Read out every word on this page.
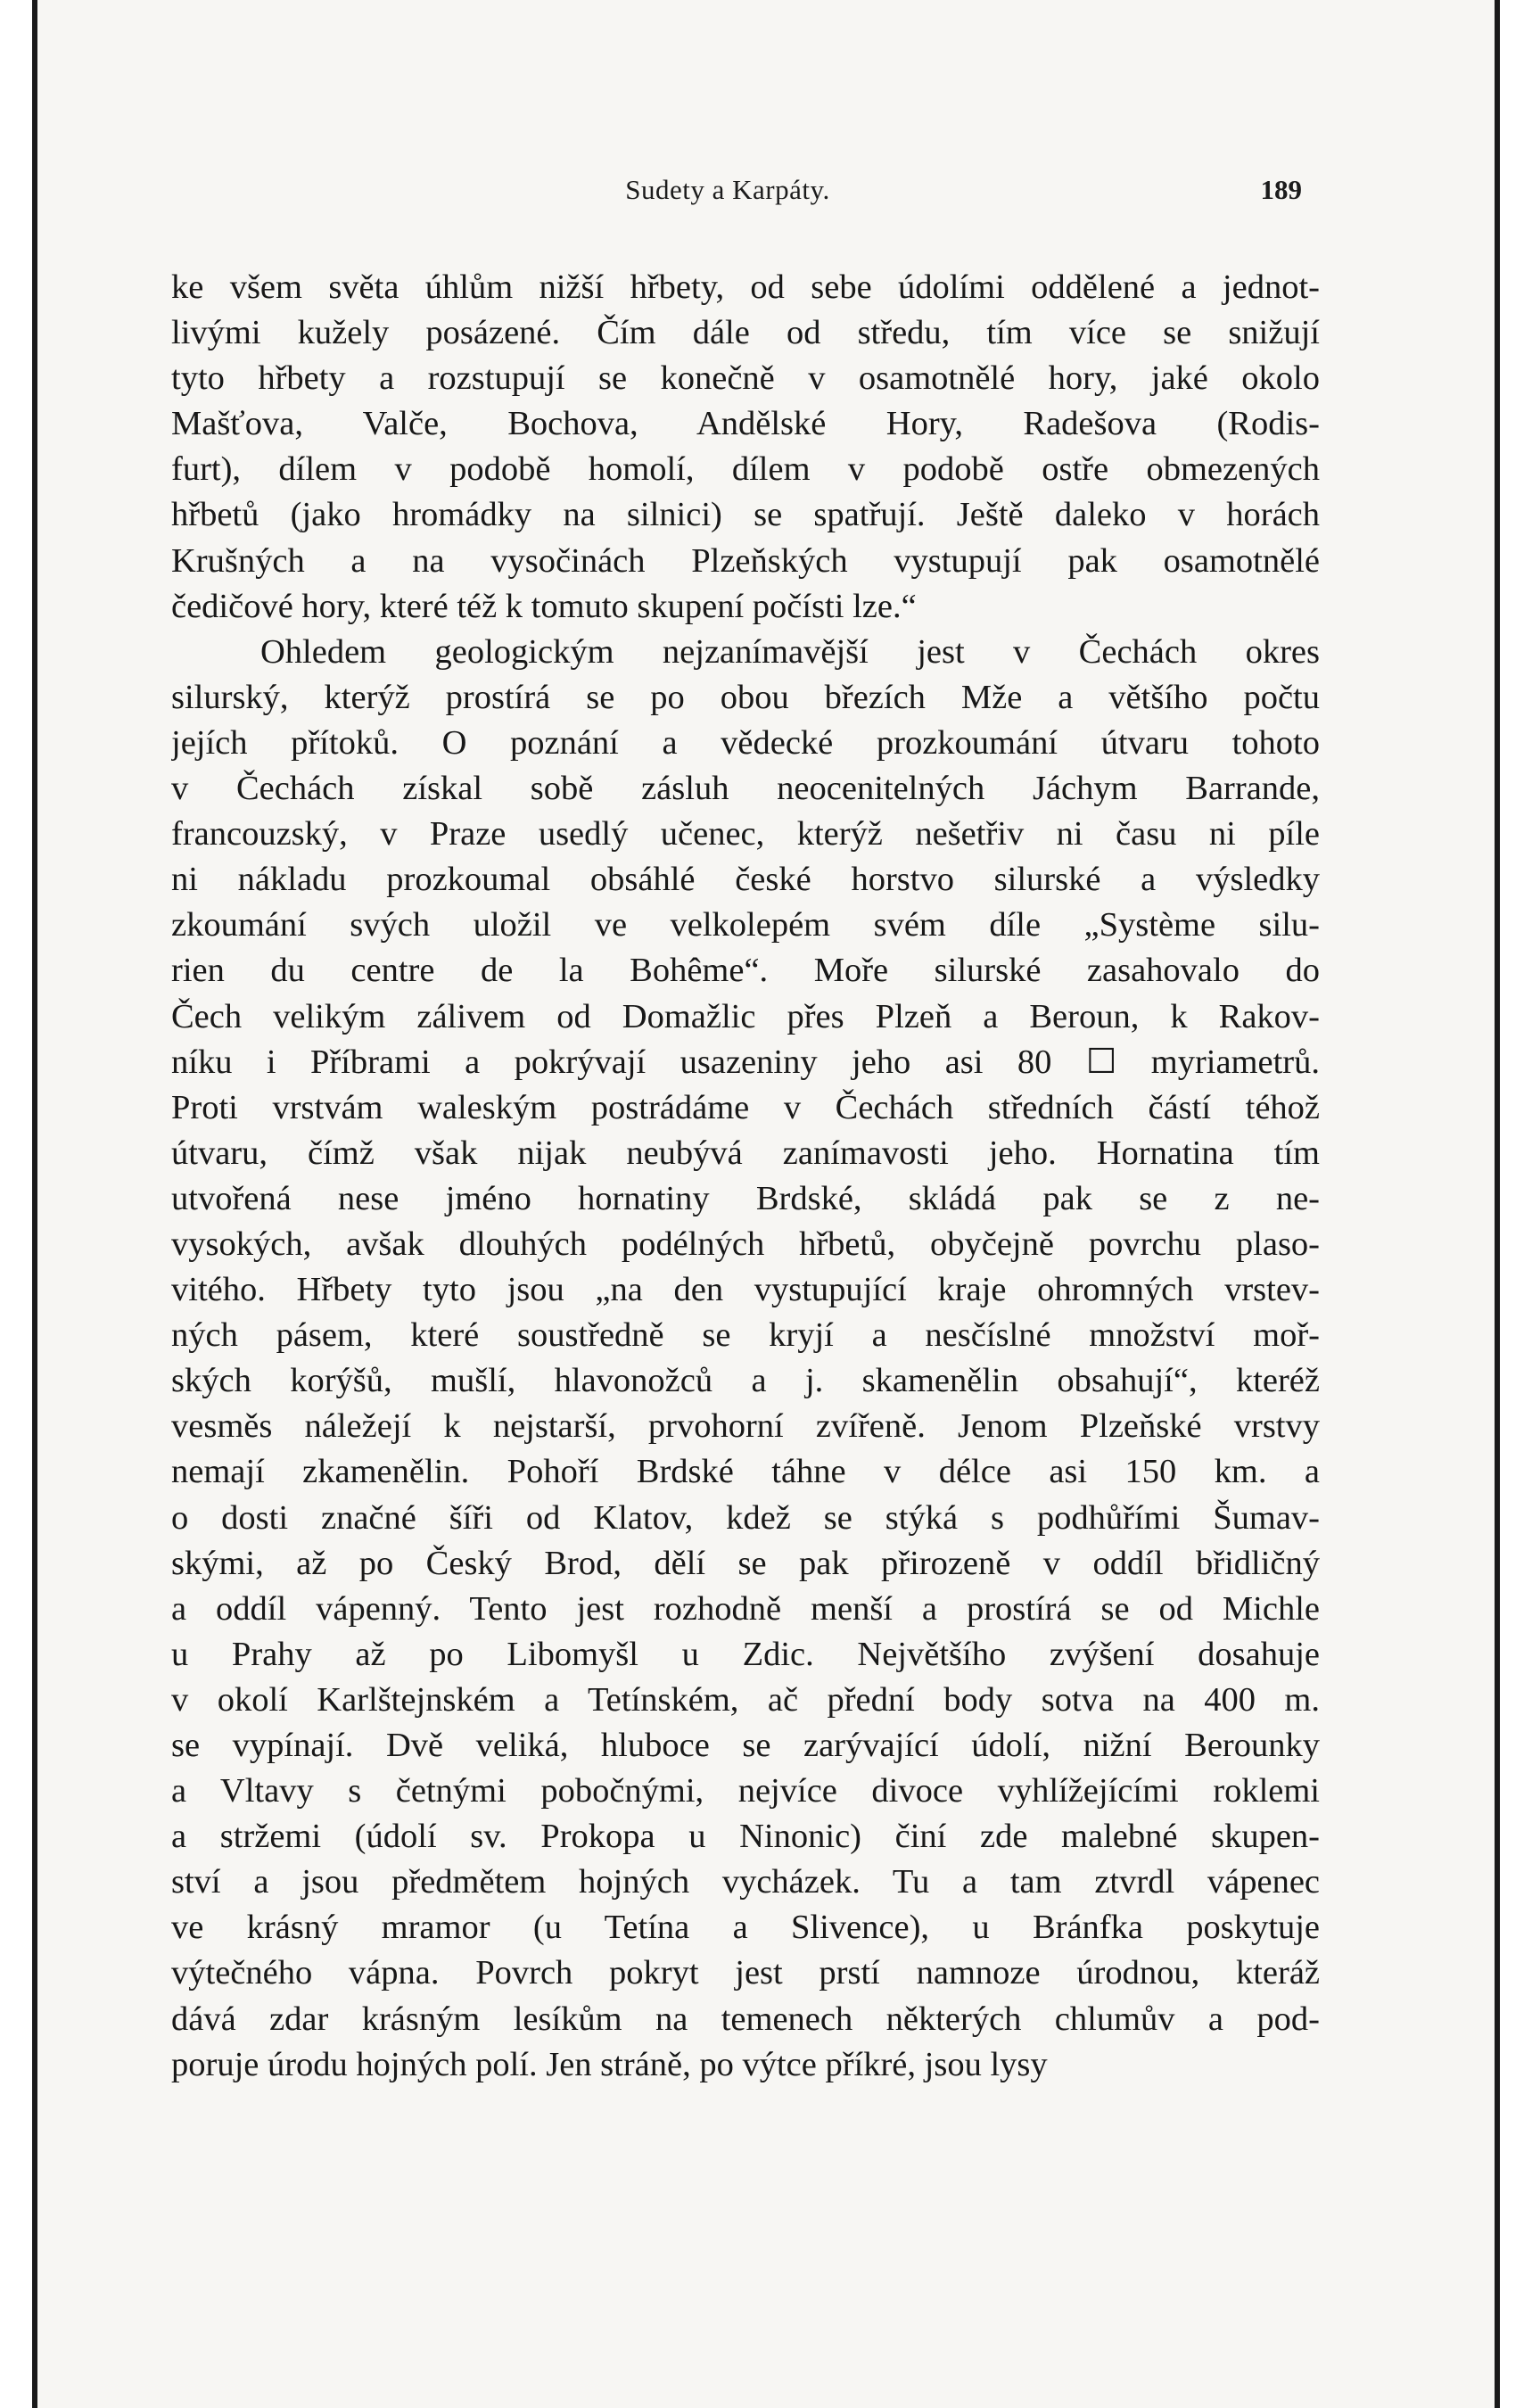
Sudety a Karpáty.	189
ke všem světa úhlům nižší hřbety, od sebe údolími oddělené a jednot-
livými kužely posázené. Čím dále od středu, tím více se snižují
tyto hřbety a rozstupují se konečně v osamotnělé hory, jaké okolo
Mašťova, Valče, Bochova, Andělské Hory, Radešova (Rodis-
furt), dílem v podobě homolí, dílem v podobě ostře obmezených
hřbetů (jako hromádky na silnici) se spatřují. Ještě daleko v horách
Krušných a na vysočinách Plzeňských vystupují pak osamotnělé
čedičové hory, které též k tomuto skupení počísti lze.“
Ohledem geologickým nejzanímavější jest v Čechách okres
silurský, kterýž prostírá se po obou březích Mže a většího počtu
jejích přítoků. O poznání a vědecké prozkoumání útvaru tohoto
v Čechách získal sobě zásluh neocenitelných Jáchym Barrande,
francouzský, v Praze usedlý učenec, kterýž nešetřiv ni času ni píle
ni nákladu prozkoumal obsáhlé české horstvo silurské a výsledky
zkoumání svých uložil ve velkolepém svém díle „Système silu-
rien du centre de la Bohême“. Moře silurské zasahovalo do
Čech velikým zálivem od Domažlic přes Plzeň a Beroun, k Rakov-
níku i Příbrami a pokrývají usazeniny jeho asi 80 ☐ myriametrů.
Proti vrstvám waleským postrádáme v Čechách středních částí téhož
útvaru, čímž však nijak neubývá zanímavosti jeho. Hornatina tím
utvořená nese jméno hornatiny Brdské, skládá pak se z ne-
vysokých, avšak dlouhých podélných hřbetů, obyčejně povrchu plaso-
vitého. Hřbety tyto jsou „na den vystupující kraje ohromných vrstev-
ných pásem, které soustředně se kryjí a nesčíslné množství moř-
ských korýšů, mušlí, hlavonožců a j. skamenělin obsahují“, kteréž
vesměs náležejí k nejstarší, prvohorní zvířeně. Jenom Plzeňské vrstvy
nemají zkamenělin. Pohoří Brdské táhne v délce asi 150 km. a
o dosti značné šíři od Klatov, kdež se stýká s podhůřími Šumav-
skými, až po Český Brod, dělí se pak přirozeně v oddíl břidličný
a oddíl vápenný. Tento jest rozhodně menší a prostírá se od Michle
u Prahy až po Libomyšl u Zdic. Největšího zvýšení dosahuje
v okolí Karlštejnském a Tetínském, ač přední body sotva na 400 m.
se vypínají. Dvě veliká, hluboce se zarývající údolí, nižní Berounky
a Vltavy s četnými pobočnými, nejvíce divoce vyhlížejícími roklemi
a stržemi (údolí sv. Prokopa u Ninonic) činí zde malebné skupen-
ství a jsou předmětem hojných vycházek. Tu a tam ztvrdl vápenec
ve krásný mramor (u Tetína a Slivence), u Bránfka poskytuje
výtečného vápna. Povrch pokryt jest prstí namnoze úrodnou, kteráž
dává zdar krásným lesíkům na temenech některých chlumův a pod-
poruje úrodu hojných polí. Jen stráně, po výtce příkré, jsou lysy
